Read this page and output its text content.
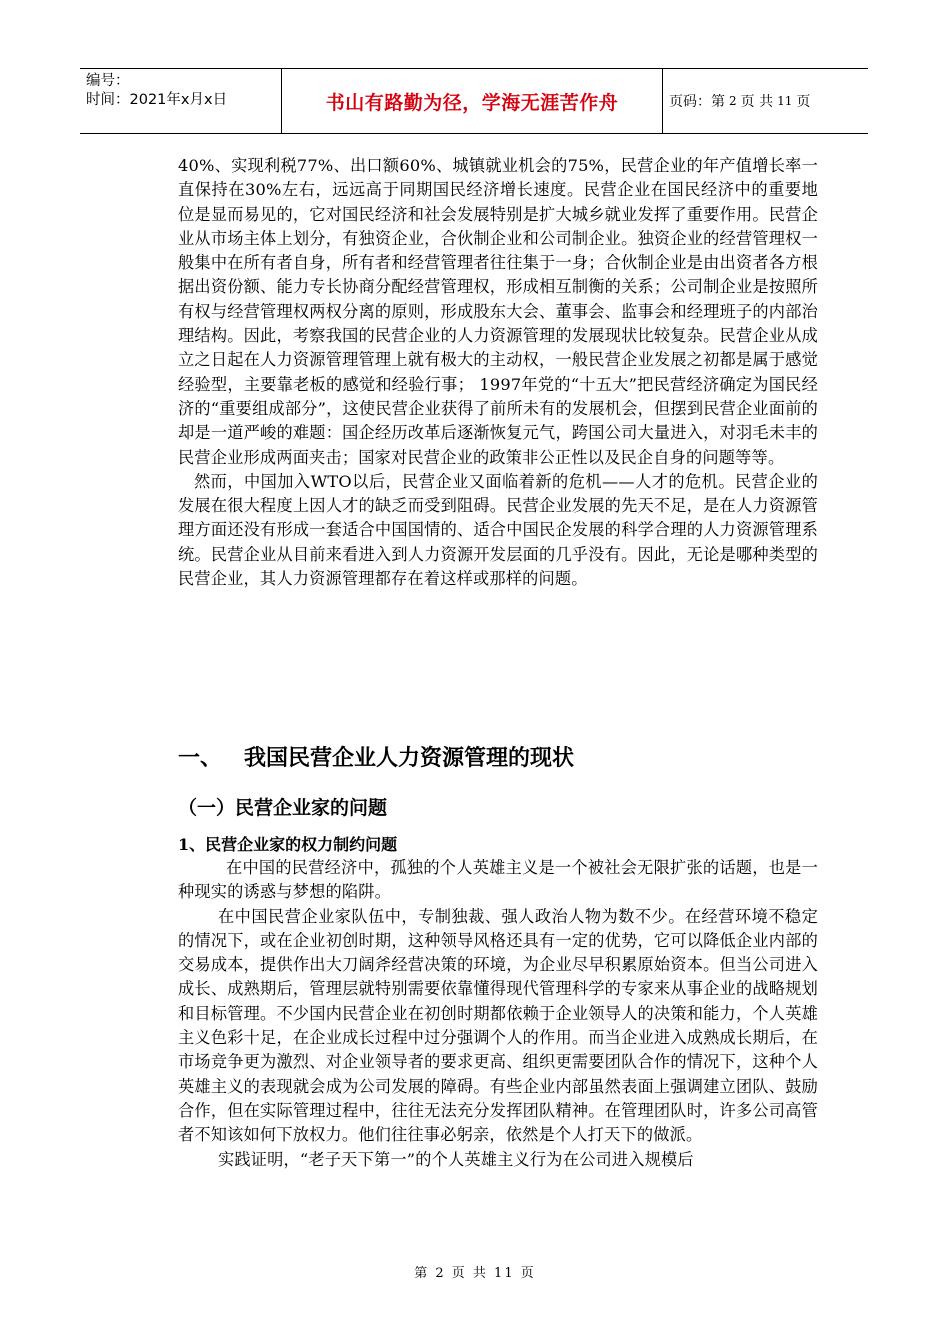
编号：
时间：2021年x月x日	书山有路勤为径，学海无涯苦作舟	页码：第 2 页 共 11 页

40%、实现利税77%、出口额60%、城镇就业机会的75%，民营企业的年产值增长率一直保持在30%左右，远远高于同期国民经济增长速度。民营企业在国民经济中的重要地位是显而易见的，它对国民经济和社会发展特别是扩大城乡就业发挥了重要作用。民营企业从市场主体上划分，有独资企业，合伙制企业和公司制企业。独资企业的经营管理权一般集中在所有者自身，所有者和经营管理者往往集于一身；合伙制企业是由出资者各方根据出资份额、能力专长协商分配经营管理权，形成相互制衡的关系；公司制企业是按照所有权与经营管理权两权分离的原则，形成股东大会、董事会、监事会和经理班子的内部治理结构。因此，考察我国的民营企业的人力资源管理的发展现状比较复杂。民营企业从成立之日起在人力资源管理管理上就有极大的主动权，一般民营企业发展之初都是属于感觉经验型，主要靠老板的感觉和经验行事； 1997年党的“十五大”把民营经济确定为国民经济的“重要组成部分”，这使民营企业获得了前所未有的发展机会，但摆到民营企业面前的却是一道严峻的难题：国企经历改革后逐渐恢复元气，跨国公司大量进入，对羽毛未丰的民营企业形成两面夹击；国家对民营企业的政策非公正性以及民企自身的问题等等。

然而，中国加入WTO以后，民营企业又面临着新的危机——人才的危机。民营企业的发展在很大程度上因人才的缺乏而受到阻碍。民营企业发展的先天不足，是在人力资源管理方面还没有形成一套适合中国国情的、适合中国民企发展的科学合理的人力资源管理系统。民营企业从目前来看进入到人力资源开发层面的几乎没有。因此，无论是哪种类型的民营企业，其人力资源管理都存在着这样或那样的问题。

一、 我国民营企业人力资源管理的现状
（一）民营企业家的问题
1、民营企业家的权力制约问题

在中国的民营经济中，孤独的个人英雄主义是一个被社会无限扩张的话题，也是一种现实的诱惑与梦想的陷阱。

在中国民营企业家队伍中，专制独裁、强人政治人物为数不少。在经营环境不稳定的情况下，或在企业初创时期，这种领导风格还具有一定的优势，它可以降低企业内部的交易成本，提供作出大刀阔斧经营决策的环境，为企业尽早积累原始资本。但当公司进入成长、成熟期后，管理层就特别需要依靠懂得现代管理科学的专家来从事企业的战略规划和目标管理。不少国内民营企业在初创时期都依赖于企业领导人的决策和能力，个人英雄主义色彩十足，在企业成长过程中过分强调个人的作用。而当企业进入成熟成长期后，在市场竞争更为激烈、对企业领导者的要求更高、组织更需要团队合作的情况下，这种个人英雄主义的表现就会成为公司发展的障碍。有些企业内部虽然表面上强调建立团队、鼓励合作，但在实际管理过程中，往往无法充分发挥团队精神。在管理团队时，许多公司高管者不知该如何下放权力。他们往往事必躬亲，依然是个人打天下的做派。

实践证明，“老子天下第一”的个人英雄主义行为在公司进入规模后

第 2 页 共 11 页
